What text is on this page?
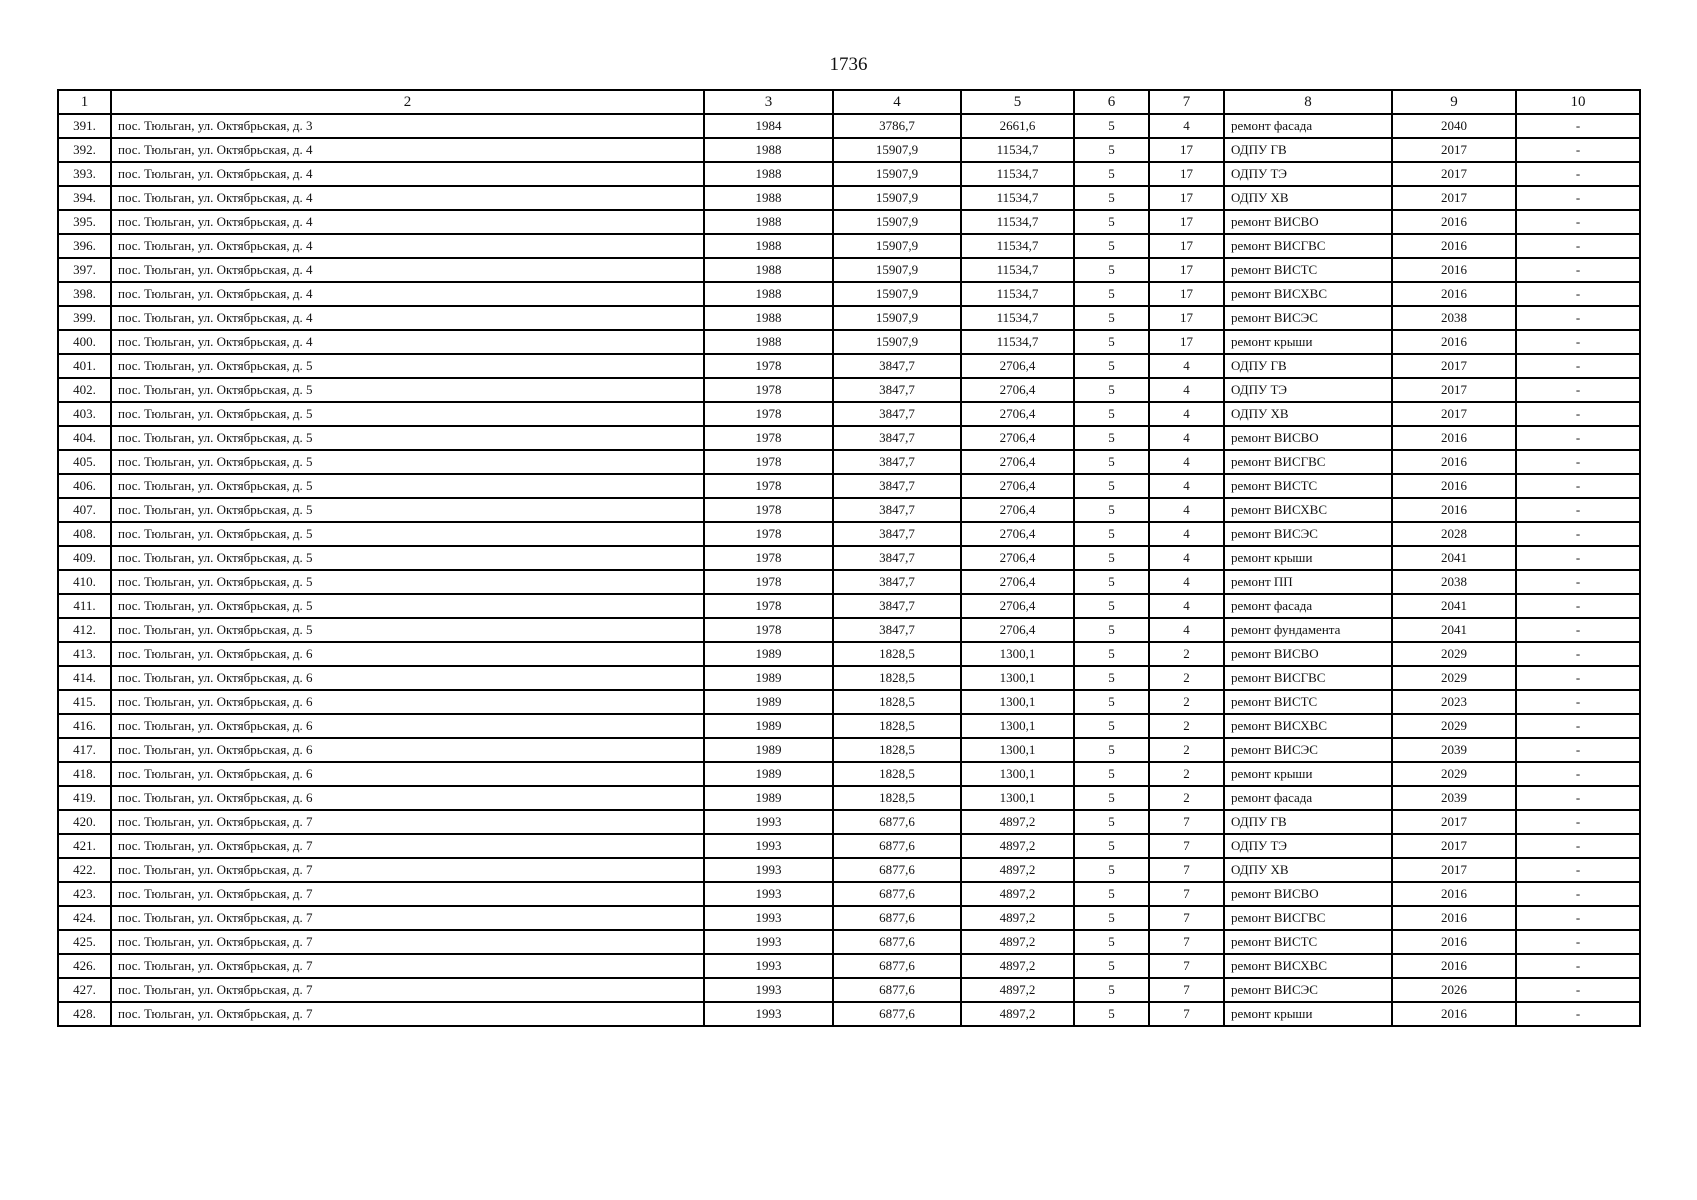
1736
1	2	3	4	5	6	7	8	9	10
391.	пос. Тюльган, ул. Октябрьская, д. 3	1984	3786,7	2661,6	5	4	ремонт фасада	2040	-
392.	пос. Тюльган, ул. Октябрьская, д. 4	1988	15907,9	11534,7	5	17	ОДПУ ГВ	2017	-
393.	пос. Тюльган, ул. Октябрьская, д. 4	1988	15907,9	11534,7	5	17	ОДПУ ТЭ	2017	-
394.	пос. Тюльган, ул. Октябрьская, д. 4	1988	15907,9	11534,7	5	17	ОДПУ ХВ	2017	-
395.	пос. Тюльган, ул. Октябрьская, д. 4	1988	15907,9	11534,7	5	17	ремонт ВИСВО	2016	-
396.	пос. Тюльган, ул. Октябрьская, д. 4	1988	15907,9	11534,7	5	17	ремонт ВИСГВС	2016	-
397.	пос. Тюльган, ул. Октябрьская, д. 4	1988	15907,9	11534,7	5	17	ремонт ВИСТС	2016	-
398.	пос. Тюльган, ул. Октябрьская, д. 4	1988	15907,9	11534,7	5	17	ремонт ВИСХВС	2016	-
399.	пос. Тюльган, ул. Октябрьская, д. 4	1988	15907,9	11534,7	5	17	ремонт ВИСЭС	2038	-
400.	пос. Тюльган, ул. Октябрьская, д. 4	1988	15907,9	11534,7	5	17	ремонт крыши	2016	-
401.	пос. Тюльган, ул. Октябрьская, д. 5	1978	3847,7	2706,4	5	4	ОДПУ ГВ	2017	-
402.	пос. Тюльган, ул. Октябрьская, д. 5	1978	3847,7	2706,4	5	4	ОДПУ ТЭ	2017	-
403.	пос. Тюльган, ул. Октябрьская, д. 5	1978	3847,7	2706,4	5	4	ОДПУ ХВ	2017	-
404.	пос. Тюльган, ул. Октябрьская, д. 5	1978	3847,7	2706,4	5	4	ремонт ВИСВО	2016	-
405.	пос. Тюльган, ул. Октябрьская, д. 5	1978	3847,7	2706,4	5	4	ремонт ВИСГВС	2016	-
406.	пос. Тюльган, ул. Октябрьская, д. 5	1978	3847,7	2706,4	5	4	ремонт ВИСТС	2016	-
407.	пос. Тюльган, ул. Октябрьская, д. 5	1978	3847,7	2706,4	5	4	ремонт ВИСХВС	2016	-
408.	пос. Тюльган, ул. Октябрьская, д. 5	1978	3847,7	2706,4	5	4	ремонт ВИСЭС	2028	-
409.	пос. Тюльган, ул. Октябрьская, д. 5	1978	3847,7	2706,4	5	4	ремонт крыши	2041	-
410.	пос. Тюльган, ул. Октябрьская, д. 5	1978	3847,7	2706,4	5	4	ремонт ПП	2038	-
411.	пос. Тюльган, ул. Октябрьская, д. 5	1978	3847,7	2706,4	5	4	ремонт фасада	2041	-
412.	пос. Тюльган, ул. Октябрьская, д. 5	1978	3847,7	2706,4	5	4	ремонт фундамента	2041	-
413.	пос. Тюльган, ул. Октябрьская, д. 6	1989	1828,5	1300,1	5	2	ремонт ВИСВО	2029	-
414.	пос. Тюльган, ул. Октябрьская, д. 6	1989	1828,5	1300,1	5	2	ремонт ВИСГВС	2029	-
415.	пос. Тюльган, ул. Октябрьская, д. 6	1989	1828,5	1300,1	5	2	ремонт ВИСТС	2023	-
416.	пос. Тюльган, ул. Октябрьская, д. 6	1989	1828,5	1300,1	5	2	ремонт ВИСХВС	2029	-
417.	пос. Тюльган, ул. Октябрьская, д. 6	1989	1828,5	1300,1	5	2	ремонт ВИСЭС	2039	-
418.	пос. Тюльган, ул. Октябрьская, д. 6	1989	1828,5	1300,1	5	2	ремонт крыши	2029	-
419.	пос. Тюльган, ул. Октябрьская, д. 6	1989	1828,5	1300,1	5	2	ремонт фасада	2039	-
420.	пос. Тюльган, ул. Октябрьская, д. 7	1993	6877,6	4897,2	5	7	ОДПУ ГВ	2017	-
421.	пос. Тюльган, ул. Октябрьская, д. 7	1993	6877,6	4897,2	5	7	ОДПУ ТЭ	2017	-
422.	пос. Тюльган, ул. Октябрьская, д. 7	1993	6877,6	4897,2	5	7	ОДПУ ХВ	2017	-
423.	пос. Тюльган, ул. Октябрьская, д. 7	1993	6877,6	4897,2	5	7	ремонт ВИСВО	2016	-
424.	пос. Тюльган, ул. Октябрьская, д. 7	1993	6877,6	4897,2	5	7	ремонт ВИСГВС	2016	-
425.	пос. Тюльган, ул. Октябрьская, д. 7	1993	6877,6	4897,2	5	7	ремонт ВИСТС	2016	-
426.	пос. Тюльган, ул. Октябрьская, д. 7	1993	6877,6	4897,2	5	7	ремонт ВИСХВС	2016	-
427.	пос. Тюльган, ул. Октябрьская, д. 7	1993	6877,6	4897,2	5	7	ремонт ВИСЭС	2026	-
428.	пос. Тюльган, ул. Октябрьская, д. 7	1993	6877,6	4897,2	5	7	ремонт крыши	2016	-
